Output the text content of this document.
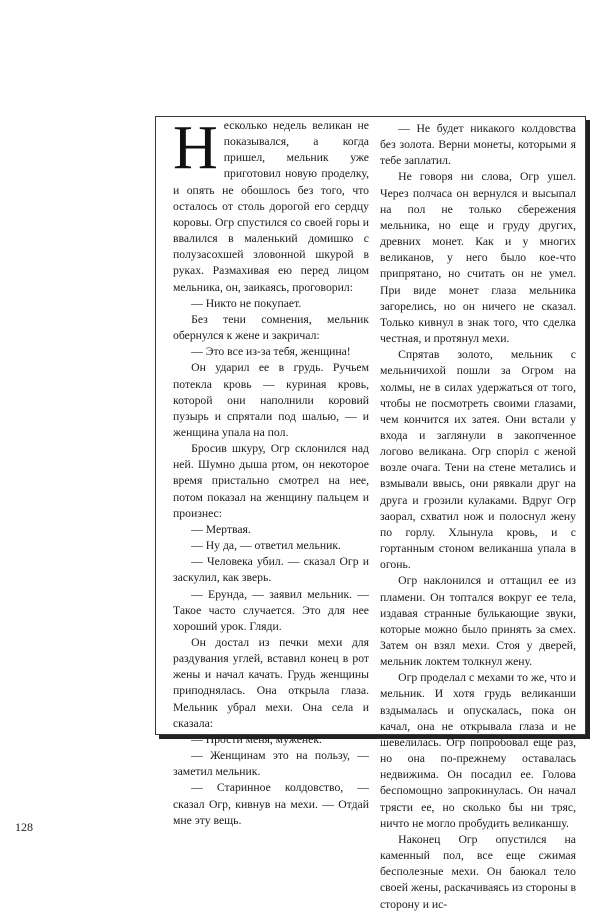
Несколько недель великан не показывался, а когда пришел, мельник уже приготовил новую проделку, и опять не обошлось без того, что осталось от столь дорогой его сердцу коровы. Огр спустился со своей горы и ввалился в маленький домишко с полузасохшей зловонной шкурой в руках. Размахивая ею перед лицом мельника, он, заикаясь, проговорил:

— Никто не покупает.

Без тени сомнения, мельник обернулся к жене и закричал:

— Это все из-за тебя, женщина!

Он ударил ее в грудь. Ручьем потекла кровь — куриная кровь, которой они наполнили коровий пузырь и спрятали под шалью, — и женщина упала на пол.

Бросив шкуру, Огр склонился над ней. Шумно дыша ртом, он некоторое время пристально смотрел на нее, потом показал на женщину пальцем и произнес:

— Мертвая.

— Ну да, — ответил мельник.

— Человека убил. — сказал Огр и заскулил, как зверь.

— Ерунда, — заявил мельник. — Такое часто случается. Это для нее хороший урок. Гляди.

Он достал из печки мехи для раздувания углей, вставил конец в рот жены и начал качать. Грудь женщины приподнялась. Она открыла глаза. Мельник убрал мехи. Она села и сказала:

— Прости меня, муженек.

— Женщинам это на пользу, — заметил мельник.

— Старинное колдовство, — сказал Огр, кивнув на мехи. — Отдай мне эту вещь.

— Не будет никакого колдовства без золота. Верни монеты, которыми я тебе заплатил.

Не говоря ни слова, Огр ушел. Через полчаса он вернулся и высыпал на пол не только сбережения мельника, но еще и груду других, древних монет. Как и у многих великанов, у него было кое-что припрятано, но считать он не умел. При виде монет глаза мельника загорелись, но он ничего не сказал. Только кивнул в знак того, что сделка честная, и протянул мехи.

Спрятав золото, мельник с мельничихой пошли за Огром на холмы, не в силах удержаться от того, чтобы не посмотреть своими глазами, чем кончится их затея. Они встали у входа и заглянули в закопченное логово великана. Огр споріл с женой возле очага. Тени на стене метались и взмывали ввысь, они рявкали друг на друга и грозили кулаками. Вдруг Огр заорал, схватил нож и полоснул жену по горлу. Хлынула кровь, и с гортанным стоном великанша упала в огонь.

Огр наклонился и оттащил ее из пламени. Он топтался вокруг ее тела, издавая странные булькающие звуки, которые можно было принять за смех. Затем он взял мехи. Стоя у дверей, мельник локтем толкнул жену.

Огр проделал с мехами то же, что и мельник. И хотя грудь великанши вздымалась и опускалась, пока он качал, она не открывала глаза и не шевелилась. Огр попробовал еще раз, но она по-прежнему оставалась недвижима. Он посадил ее. Голова беспомощно запрокинулась. Он начал трясти ее, но сколько бы ни тряс, ничто не могло пробудить великаншу.

Наконец Огр опустился на каменный пол, все еще сжимая бесполезные мехи. Он баюкал тело своей жены, раскачиваясь из стороны в сторону и ис-

128
